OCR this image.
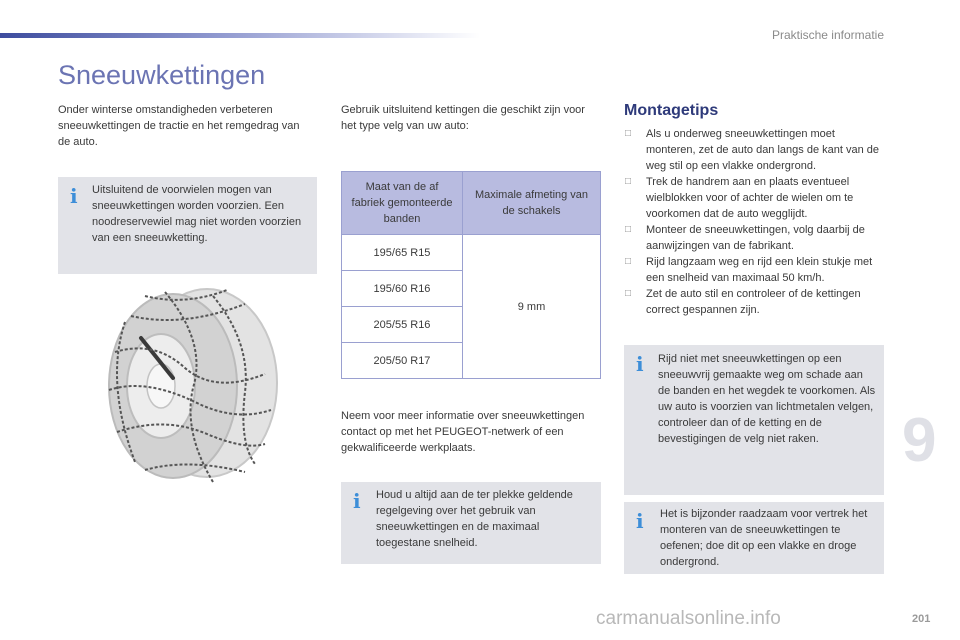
Praktische informatie
Sneeuwkettingen
Onder winterse omstandigheden verbeteren sneeuwkettingen de tractie en het remgedrag van de auto.
i Uitsluitend de voorwielen mogen van sneeuwkettingen worden voorzien. Een noodreservewiel mag niet worden voorzien van een sneeuwketting.
Gebruik uitsluitend kettingen die geschikt zijn voor het type velg van uw auto:
Maat van de af fabriek gemonteerde banden	Maximale afmeting van de schakels
195/65 R15	9 mm
195/60 R16	
205/55 R16	
205/50 R17	
Neem voor meer informatie over sneeuwkettingen contact op met het PEUGEOT-netwerk of een gekwalificeerde werkplaats.
i Houd u altijd aan de ter plekke geldende regelgeving over het gebruik van sneeuwkettingen en de maximaal toegestane snelheid.
Montagetips
□ Als u onderweg sneeuwkettingen moet monteren, zet de auto dan langs de kant van de weg stil op een vlakke ondergrond.
□ Trek de handrem aan en plaats eventueel wielblokken voor of achter de wielen om te voorkomen dat de auto wegglijdt.
□ Monteer de sneeuwkettingen, volg daarbij de aanwijzingen van de fabrikant.
□ Rijd langzaam weg en rijd een klein stukje met een snelheid van maximaal 50 km/h.
□ Zet de auto stil en controleer of de kettingen correct gespannen zijn.
i Rijd niet met sneeuwkettingen op een sneeuwvrij gemaakte weg om schade aan de banden en het wegdek te voorkomen. Als uw auto is voorzien van lichtmetalen velgen, controleer dan of de ketting en de bevestigingen de velg niet raken.
i Het is bijzonder raadzaam voor vertrek het monteren van de sneeuwkettingen te oefenen; doe dit op een vlakke en droge ondergrond.
9
carmanualsonline.info	201
